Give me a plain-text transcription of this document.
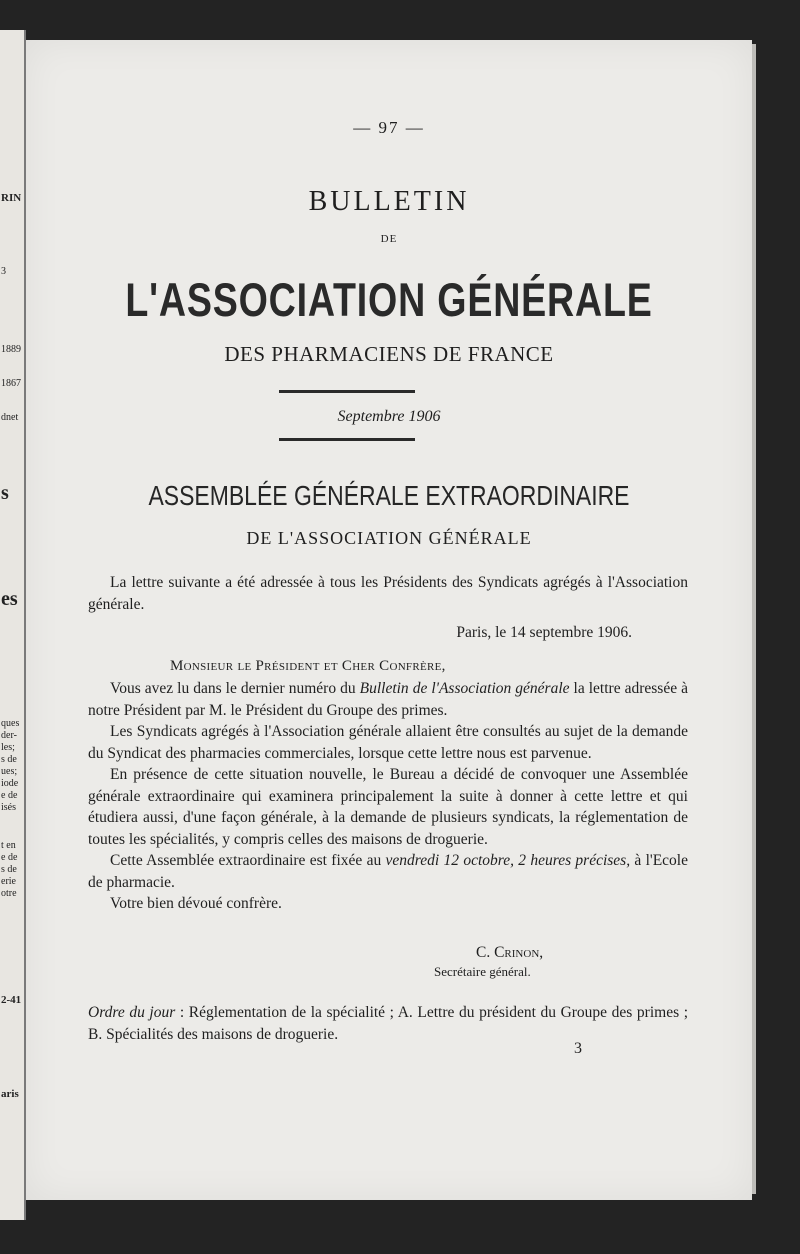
RIN
3
1889
1867
dnet
s
es
ques
der-
les;
s de
ues;
iode
e de
isés
t en
e de
s de
erie
otre
2-41
aris
— 97 —
BULLETIN
DE
L'ASSOCIATION GÉNÉRALE
DES PHARMACIENS DE FRANCE
Septembre 1906
ASSEMBLÉE GÉNÉRALE EXTRAORDINAIRE
DE L'ASSOCIATION GÉNÉRALE

La lettre suivante a été adressée à tous les Présidents des Syndicats agrégés à l'Association générale.

Paris, le 14 septembre 1906.
Monsieur le Président et Cher Confrère,

Vous avez lu dans le dernier numéro du Bulletin de l'Association générale la lettre adressée à notre Président par M. le Président du Groupe des primes.

Les Syndicats agrégés à l'Association générale allaient être consultés au sujet de la demande du Syndicat des pharmacies commerciales, lorsque cette lettre nous est parvenue.

En présence de cette situation nouvelle, le Bureau a décidé de convoquer une Assemblée générale extraordinaire qui examinera principalement la suite à donner à cette lettre et qui étudiera aussi, d'une façon générale, à la demande de plusieurs syndicats, la réglementation de toutes les spécialités, y compris celles des maisons de droguerie.

Cette Assemblée extraordinaire est fixée au vendredi 12 octobre, 2 heures précises, à l'Ecole de pharmacie.

Votre bien dévoué confrère.

C. Crinon,
Secrétaire général.
Ordre du jour : Réglementation de la spécialité ; A. Lettre du président du Groupe des primes ; B. Spécialités des maisons de droguerie.
3
